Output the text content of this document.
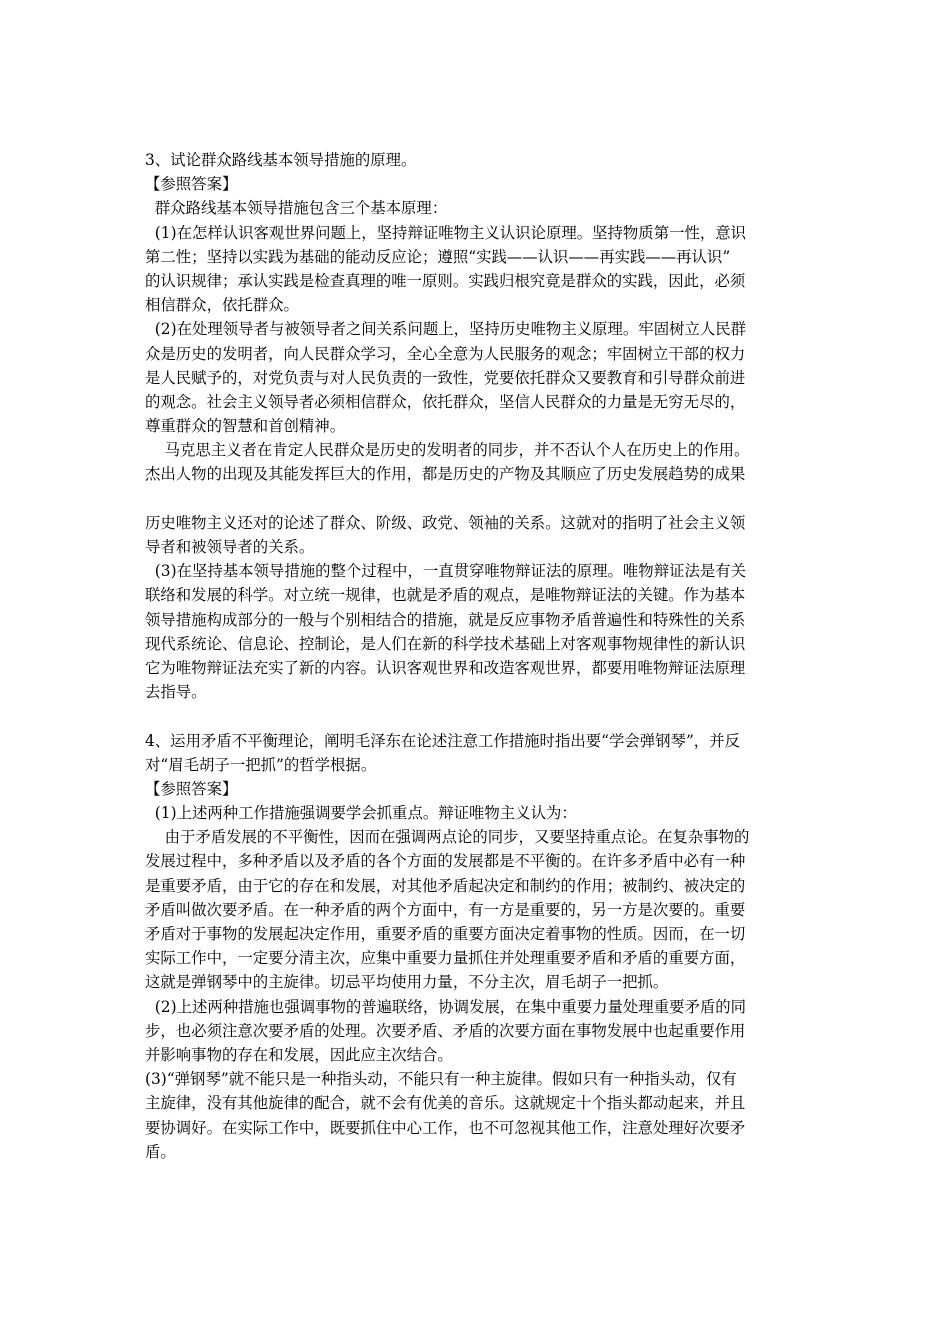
3、试论群众路线基本领导措施的原理。
【参照答案】
群众路线基本领导措施包含三个基本原理：
(1)在怎样认识客观世界问题上，坚持辩证唯物主义认识论原理。坚持物质第一性，意识
第二性；坚持以实践为基础的能动反应论；遵照“实践——认识——再实践——再认识”
的认识规律；承认实践是检查真理的唯一原则。实践归根究竟是群众的实践，因此，必须
相信群众，依托群众。
(2)在处理领导者与被领导者之间关系问题上，坚持历史唯物主义原理。牢固树立人民群
众是历史的发明者，向人民群众学习，全心全意为人民服务的观念；牢固树立干部的权力
是人民赋予的，对党负责与对人民负责的一致性，党要依托群众又要教育和引导群众前进
的观念。社会主义领导者必须相信群众，依托群众，坚信人民群众的力量是无穷无尽的，
尊重群众的智慧和首创精神。
马克思主义者在肯定人民群众是历史的发明者的同步，并不否认个人在历史上的作用。
杰出人物的出现及其能发挥巨大的作用，都是历史的产物及其顺应了历史发展趋势的成果
历史唯物主义还对的论述了群众、阶级、政党、领袖的关系。这就对的指明了社会主义领
导者和被领导者的关系。
(3)在坚持基本领导措施的整个过程中，一直贯穿唯物辩证法的原理。唯物辩证法是有关
联络和发展的科学。对立统一规律，也就是矛盾的观点，是唯物辩证法的关键。作为基本
领导措施构成部分的一般与个别相结合的措施，就是反应事物矛盾普遍性和特殊性的关系
现代系统论、信息论、控制论，是人们在新的科学技术基础上对客观事物规律性的新认识
它为唯物辩证法充实了新的内容。认识客观世界和改造客观世界，都要用唯物辩证法原理
去指导。
4、运用矛盾不平衡理论，阐明毛泽东在论述注意工作措施时指出要“学会弹钢琴”，并反
对“眉毛胡子一把抓”的哲学根据。
【参照答案】
(1)上述两种工作措施强调要学会抓重点。辩证唯物主义认为：
由于矛盾发展的不平衡性，因而在强调两点论的同步，又要坚持重点论。在复杂事物的
发展过程中，多种矛盾以及矛盾的各个方面的发展都是不平衡的。在许多矛盾中必有一种
是重要矛盾，由于它的存在和发展，对其他矛盾起决定和制约的作用；被制约、被决定的
矛盾叫做次要矛盾。在一种矛盾的两个方面中，有一方是重要的，另一方是次要的。重要
矛盾对于事物的发展起决定作用，重要矛盾的重要方面决定着事物的性质。因而，在一切
实际工作中，一定要分清主次，应集中重要力量抓住并处理重要矛盾和矛盾的重要方面，
这就是弹钢琴中的主旋律。切忌平均使用力量，不分主次，眉毛胡子一把抓。
(2)上述两种措施也强调事物的普遍联络，协调发展，在集中重要力量处理重要矛盾的同
步，也必须注意次要矛盾的处理。次要矛盾、矛盾的次要方面在事物发展中也起重要作用
并影响事物的存在和发展，因此应主次结合。
(3)“弹钢琴”就不能只是一种指头动，不能只有一种主旋律。假如只有一种指头动，仅有
主旋律，没有其他旋律的配合，就不会有优美的音乐。这就规定十个指头都动起来，并且
要协调好。在实际工作中，既要抓住中心工作，也不可忽视其他工作，注意处理好次要矛
盾。
